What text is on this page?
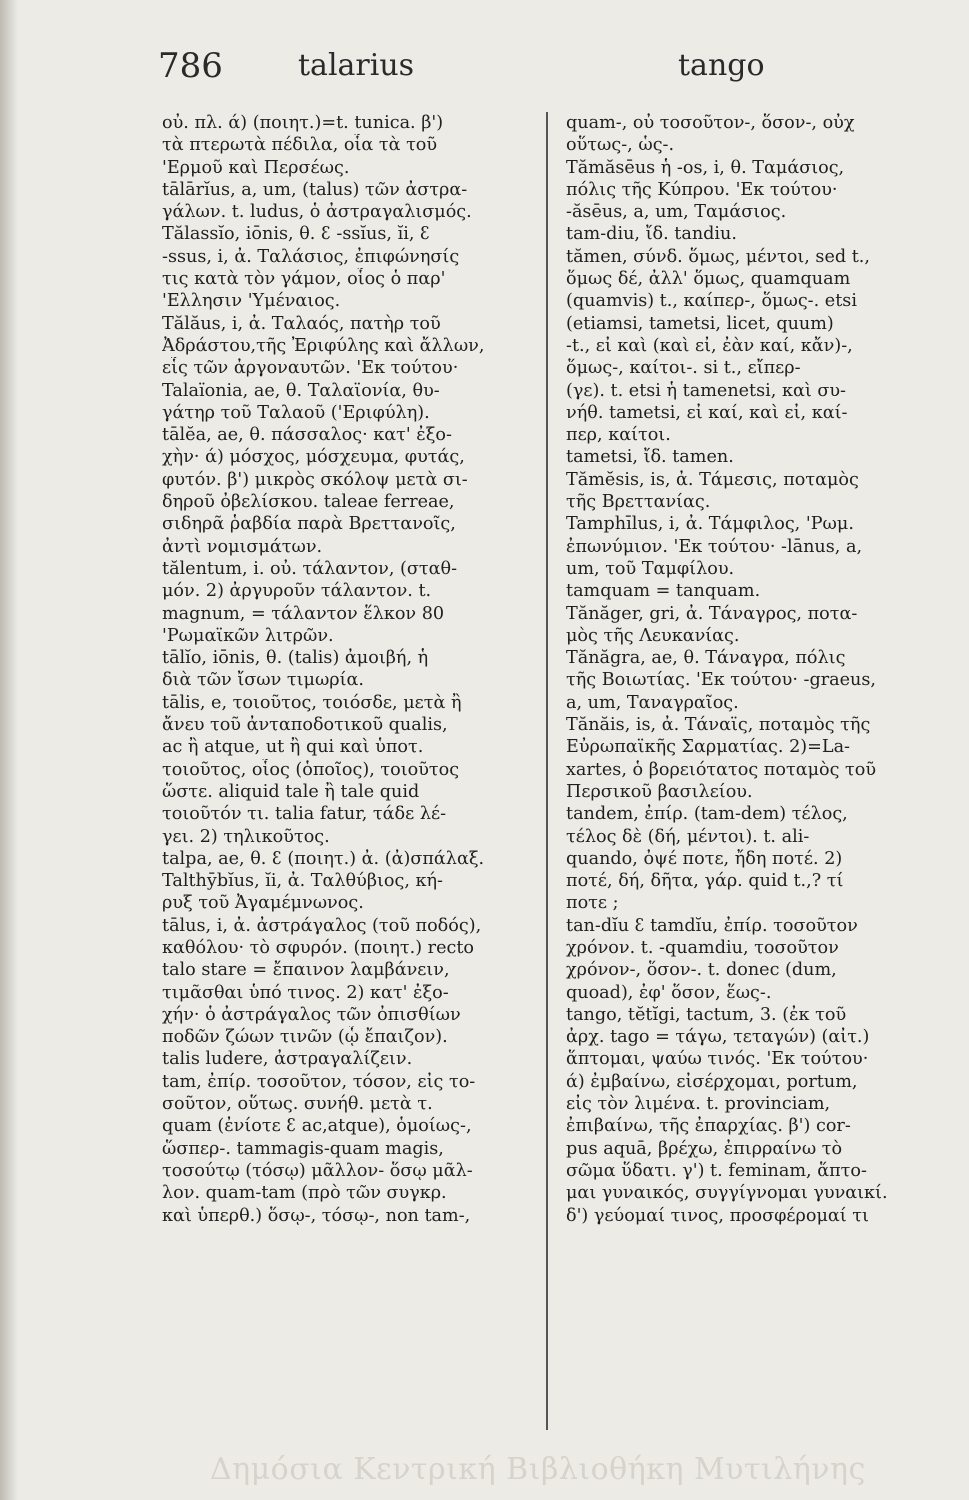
786	talarius	tango
οὐ. πλ. ά) (ποιητ.)=t. tunica. β')
τὰ πτερωτὰ πέδιλα, οἷα τὰ τοῦ
'Ερμοῦ καὶ Περσέως.
tālārĭus, a, um, (talus) τῶν ἀστρα-
γάλων. t. ludus, ὁ ἀστραγαλισμός.
Tălassĭo, iōnis, θ. ꜫ -ssĭus, ĭi, ꜫ
-ssus, i, ἀ. Ταλάσιος, ἐπιφώνησίς
τις κατὰ τὸν γάμον, οἷος ὁ παρ'
'Ελλησιν 'Υμέναιος.
Tălăus, i, ἀ. Ταλαός, πατὴρ τοῦ
Ἀδράστου,τῆς Ἐριφύλης καὶ ἄλλων,
εἷς τῶν ἀργοναυτῶν. 'Εκ τούτου·
Talaïonia, ae, θ. Ταλαϊονία, θυ-
γάτηρ τοῦ Ταλαοῦ ('Εριφύλη).
tālĕa, ae, θ. πάσσαλος· κατ' ἐξο-
χὴν· ά) μόσχος, μόσχευμα, φυτάς,
φυτόν. β') μικρὸς σκόλοψ μετὰ σι-
δηροῦ ὀβελίσκου. taleae ferreae,
σιδηρᾶ ῥαβδία παρὰ Βρεττανοῖς,
ἀντὶ νομισμάτων.
tălentum, i. οὐ. τάλαντον, (σταθ-
μόν. 2) ἀργυροῦν τάλαντον. t.
magnum, = τάλαντον ἕλκον 80
'Ρωμαϊκῶν λιτρῶν.
tālĭo, iōnis, θ. (talis) ἀμοιβή, ἡ
διὰ τῶν ἴσων τιμωρία.
tālis, e, τοιοῦτος, τοιόσδε, μετὰ ἢ
ἄνευ τοῦ ἀνταποδοτικοῦ qualis,
ac ἢ atque, ut ἢ qui καὶ ὑποτ.
τοιοῦτος, οἷος (ὁποῖος), τοιοῦτος
ὥστε. aliquid tale ἢ tale quid
τοιοῦτόν τι. talia fatur, τάδε λέ-
γει. 2) τηλικοῦτος.
talpa, ae, θ. ꜫ (ποιητ.) ἀ. (ἀ)σπάλαξ.
Talthȳbĭus, ĭi, ἀ. Ταλθύβιος, κή-
ρυξ τοῦ Ἀγαμέμνωνος.
tālus, i, ἀ. ἀστράγαλος (τοῦ ποδός),
καθόλου· τὸ σφυρόν. (ποιητ.) recto
talo stare = ἔπαινον λαμβάνειν,
τιμᾶσθαι ὑπό τινος. 2) κατ' ἐξο-
χήν· ὁ ἀστράγαλος τῶν ὀπισθίων
ποδῶν ζώων τινῶν (ᾧ ἔπαιζον).
talis ludere, ἀστραγαλίζειν.
tam, ἐπίρ. τοσοῦτον, τόσον, εἰς το-
σοῦτον, οὕτως. συνήθ. μετὰ τ.
quam (ἐνίοτε ꜫ ac,atque), ὁμοίως-,
ὥσπερ-. tammagis-quam magis,
τοσούτῳ (τόσῳ) μᾶλλον- ὅσῳ μᾶλ-
λον. quam-tam (πρὸ τῶν συγκρ.
καὶ ὑπερθ.) ὅσῳ-, τόσῳ-, non tam-,
quam-, οὐ τοσοῦτον-, ὅσον-, οὐχ
οὕτως-, ὡς-.
Tămăsēus ἡ -os, i, θ. Ταμάσιος,
πόλις τῆς Κύπρου. 'Εκ τούτου·
-ăsēus, a, um, Ταμάσιος.
tam-diu, ἴδ. tandiu.
tămen, σύνδ. ὅμως, μέντοι, sed t.,
ὅμως δέ, ἀλλ' ὅμως, quamquam
(quamvis) t., καίπερ-, ὅμως-. etsi
(etiamsi, tametsi, licet, quum)
-t., εἰ καὶ (καὶ εἰ, ἐὰν καί, κἄν)-,
ὅμως-, καίτοι-. si t., εἴπερ-
(γε). t. etsi ἡ tamenetsi, καὶ συ-
νήθ. tametsi, εἰ καί, καὶ εἰ, καί-
περ, καίτοι.
tametsi, ἴδ. tamen.
Tămĕsis, is, ἀ. Τάμεσις, ποταμὸς
τῆς Βρεττανίας.
Tamphīlus, i, ἀ. Τάμφιλος, 'Ρωμ.
ἐπωνύμιον. 'Εκ τούτου· -lānus, a,
um, τοῦ Ταμφίλου.
tamquam = tanquam.
Tănăger, gri, ἀ. Τάναγρος, ποτα-
μὸς τῆς Λευκανίας.
Tănăgra, ae, θ. Τάναγρα, πόλις
τῆς Βοιωτίας. 'Εκ τούτου· -graeus,
a, um, Ταναγραῖος.
Tănăis, is, ἀ. Τάναϊς, ποταμὸς τῆς
Εὐρωπαϊκῆς Σαρματίας. 2)=La-
xartes, ὁ βορειότατος ποταμὸς τοῦ
Περσικοῦ βασιλείου.
tandem, ἐπίρ. (tam-dem) τέλος,
τέλος δὲ (δή, μέντοι). t. ali-
quando, ὀψέ ποτε, ἤδη ποτέ. 2)
ποτέ, δή, δῆτα, γάρ. quid t.,? τί
ποτε ;
tan-dĭu ꜫ tamdĭu, ἐπίρ. τοσοῦτον
χρόνον. t. -quamdiu, τοσοῦτον
χρόνον-, ὅσον-. t. donec (dum,
quoad), ἐφ' ὅσον, ἕως-.
tango, tĕtĭgi, tactum, 3. (ἐκ τοῦ
ἀρχ. tago = τάγω, τεταγών) (αἰτ.)
ἅπτομαι, ψαύω τινός. 'Εκ τούτου·
ά) ἐμβαίνω, εἰσέρχομαι, portum,
εἰς τὸν λιμένα. t. provinciam,
ἐπιβαίνω, τῆς ἐπαρχίας. β') cor-
pus aquā, βρέχω, ἐπιρραίνω τὸ
σῶμα ὕδατι. γ') t. feminam, ἅπτο-
μαι γυναικός, συγγίγνομαι γυναικί.
δ') γεύομαί τινος, προσφέρομαί τι
Δημόσια Κεντρική Βιβλιοθήκη Μυτιλήνης
